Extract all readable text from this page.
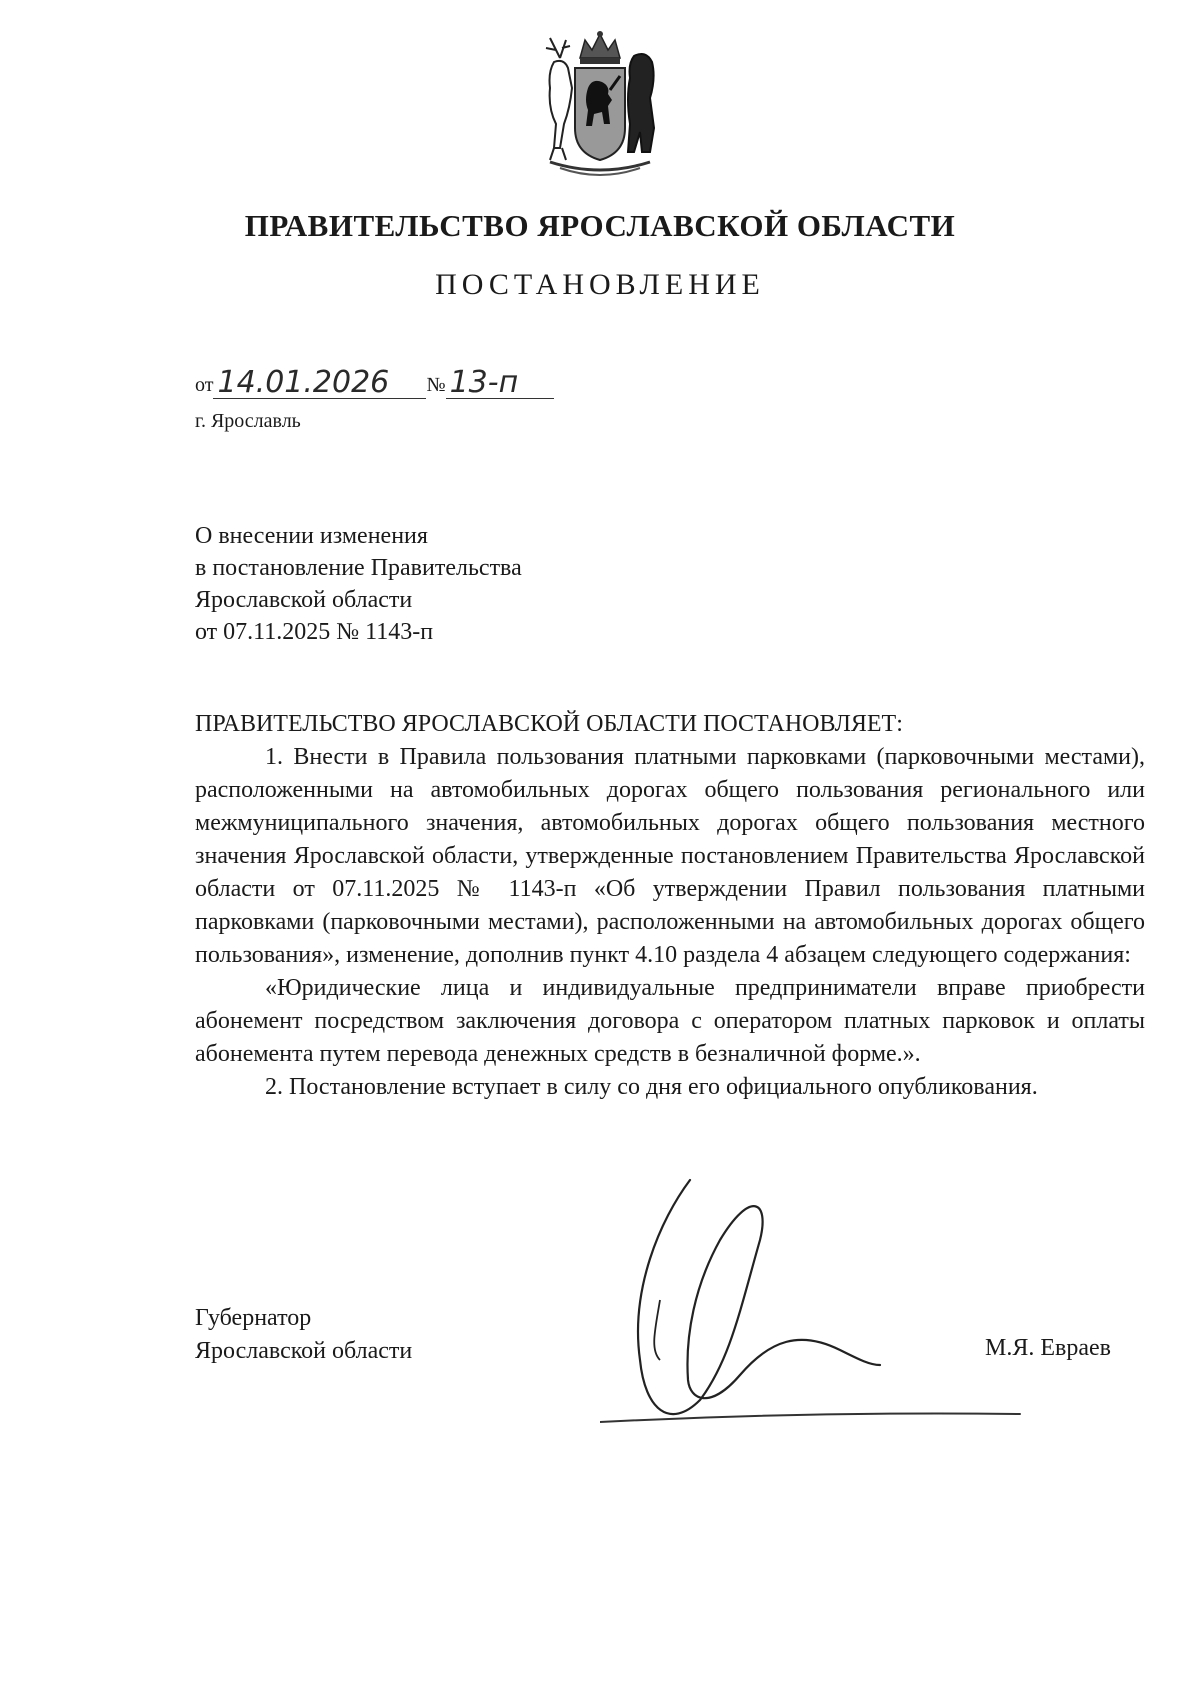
ПРАВИТЕЛЬСТВО ЯРОСЛАВСКОЙ ОБЛАСТИ
ПОСТАНОВЛЕНИЕ
от 14.01.2026	№ 13-п
г. Ярославль
О внесении изменения
в постановление Правительства
Ярославской области
от 07.11.2025 № 1143-п

ПРАВИТЕЛЬСТВО ЯРОСЛАВСКОЙ ОБЛАСТИ ПОСТАНОВЛЯЕТ:

1. Внести в Правила пользования платными парковками (парковочными местами), расположенными на автомобильных дорогах общего пользования регионального или межмуниципального значения, автомобильных дорогах общего пользования местного значения Ярославской области, утвержденные постановлением Правительства Ярославской области от 07.11.2025 № 1143-п «Об утверждении Правил пользования платными парковками (парковочными местами), расположенными на автомобильных дорогах общего пользования», изменение, дополнив пункт 4.10 раздела 4 абзацем следующего содержания:

«Юридические лица и индивидуальные предприниматели вправе приобрести абонемент посредством заключения договора с оператором платных парковок и оплаты абонемента путем перевода денежных средств в безналичной форме.».

2. Постановление вступает в силу со дня его официального опубликования.

Губернатор
Ярославской области	М.Я. Евраев
